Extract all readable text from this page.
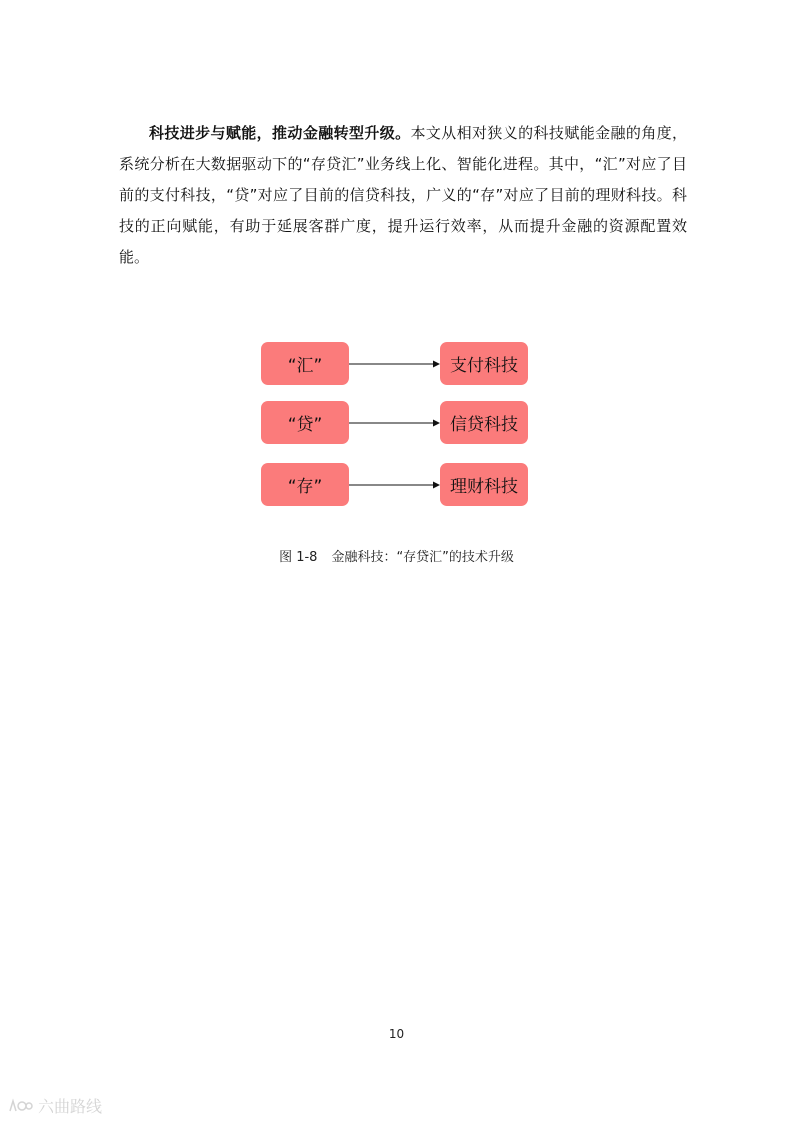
科技进步与赋能，推动金融转型升级。本文从相对狭义的科技赋能金融的角度，系统分析在大数据驱动下的“存贷汇”业务线上化、智能化进程。其中，“汇”对应了目前的支付科技，“贷”对应了目前的信贷科技，广义的“存”对应了目前的理财科技。科技的正向赋能，有助于延展客群广度，提升运行效率，从而提升金融的资源配置效能。

“汇”	支付科技
“贷”	信贷科技
“存”	理财科技
图 1-8 金融科技：“存贷汇”的技术升级
10
六曲路线
